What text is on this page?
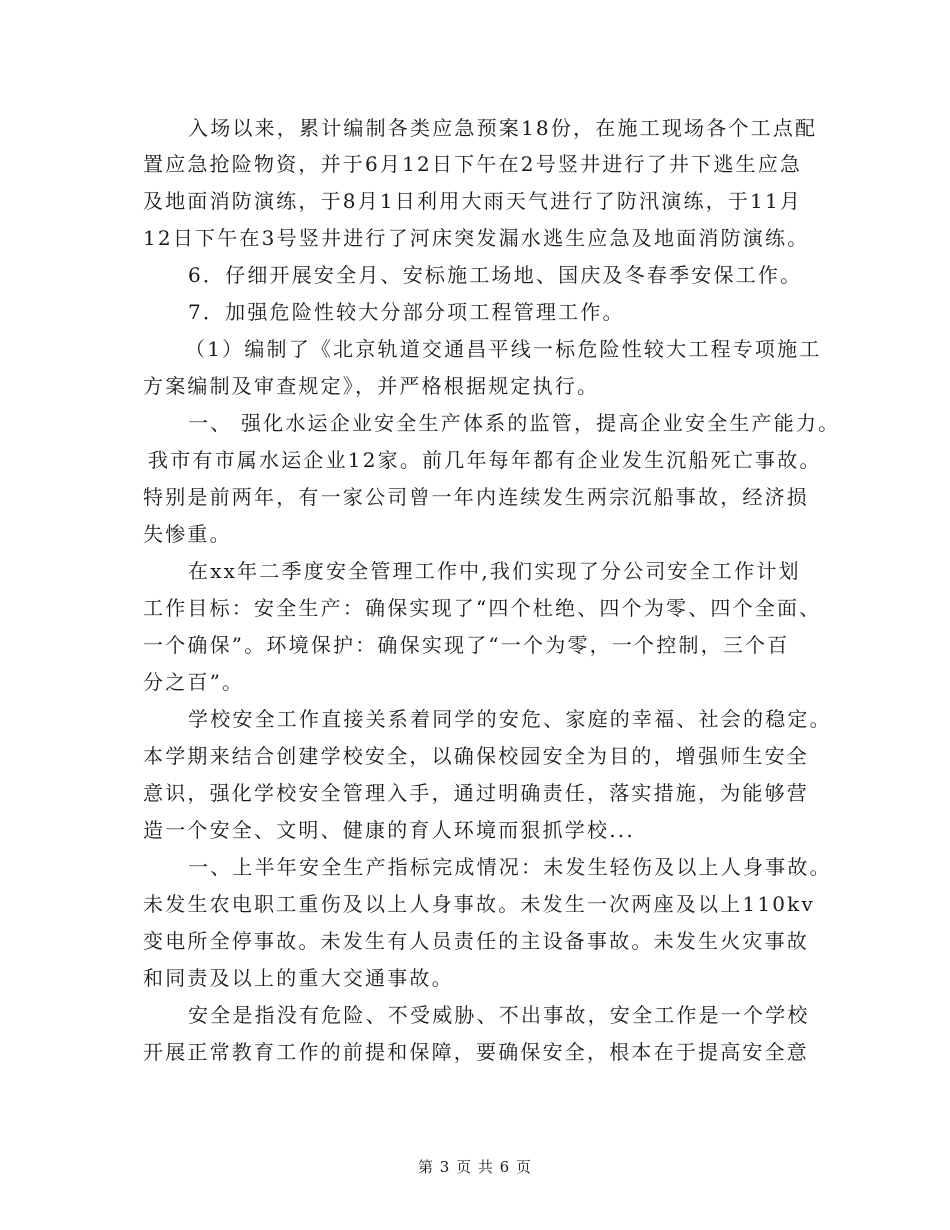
入场以来，累计编制各类应急预案18份，在施工现场各个工点配
置应急抢险物资，并于6月12日下午在2号竖井进行了井下逃生应急
及地面消防演练，于8月1日利用大雨天气进行了防汛演练，于11月
12日下午在3号竖井进行了河床突发漏水逃生应急及地面消防演练。
6．仔细开展安全月、安标施工场地、国庆及冬春季安保工作。
7．加强危险性较大分部分项工程管理工作。
（1）编制了《北京轨道交通昌平线一标危险性较大工程专项施工
方案编制及审查规定》，并严格根据规定执行。
一、 强化水运企业安全生产体系的监管，提高企业安全生产能力。
我市有市属水运企业12家。前几年每年都有企业发生沉船死亡事故。
特别是前两年，有一家公司曾一年内连续发生两宗沉船事故，经济损
失惨重。
在xx年二季度安全管理工作中,我们实现了分公司安全工作计划
工作目标：安全生产：确保实现了“四个杜绝、四个为零、四个全面、
一个确保”。环境保护：确保实现了“一个为零，一个控制，三个百
分之百”。
学校安全工作直接关系着同学的安危、家庭的幸福、社会的稳定。
本学期来结合创建学校安全，以确保校园安全为目的，增强师生安全
意识，强化学校安全管理入手，通过明确责任，落实措施，为能够营
造一个安全、文明、健康的育人环境而狠抓学校...
一、上半年安全生产指标完成情况：未发生轻伤及以上人身事故。
未发生农电职工重伤及以上人身事故。未发生一次两座及以上110kv
变电所全停事故。未发生有人员责任的主设备事故。未发生火灾事故
和同责及以上的重大交通事故。
安全是指没有危险、不受威胁、不出事故，安全工作是一个学校
开展正常教育工作的前提和保障，要确保安全，根本在于提高安全意
第 3 页 共 6 页
